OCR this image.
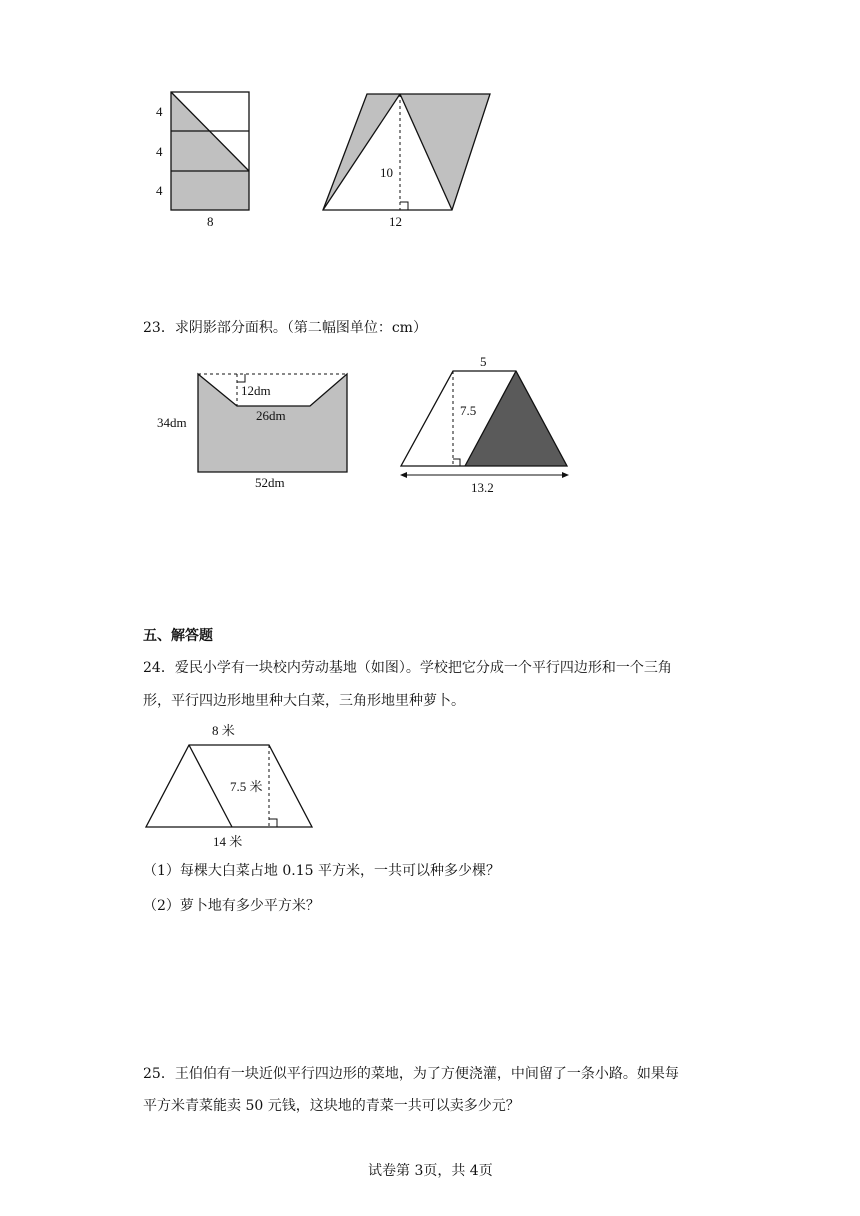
4
4
4
8
10
12
23．求阴影部分面积。（第二幅图单位：cm）
12dm
26dm
34dm
52dm
5
7.5
13.2
五、解答题
24．爱民小学有一块校内劳动基地（如图）。学校把它分成一个平行四边形和一个三角
形，平行四边形地里种大白菜，三角形地里种萝卜。
8 米
7.5 米
14 米
（1）每棵大白菜占地 0.15 平方米，一共可以种多少棵？
（2）萝卜地有多少平方米？
25．王伯伯有一块近似平行四边形的菜地，为了方便浇灌，中间留了一条小路。如果每
平方米青菜能卖 50 元钱，这块地的青菜一共可以卖多少元？
试卷第 3页，共 4页
